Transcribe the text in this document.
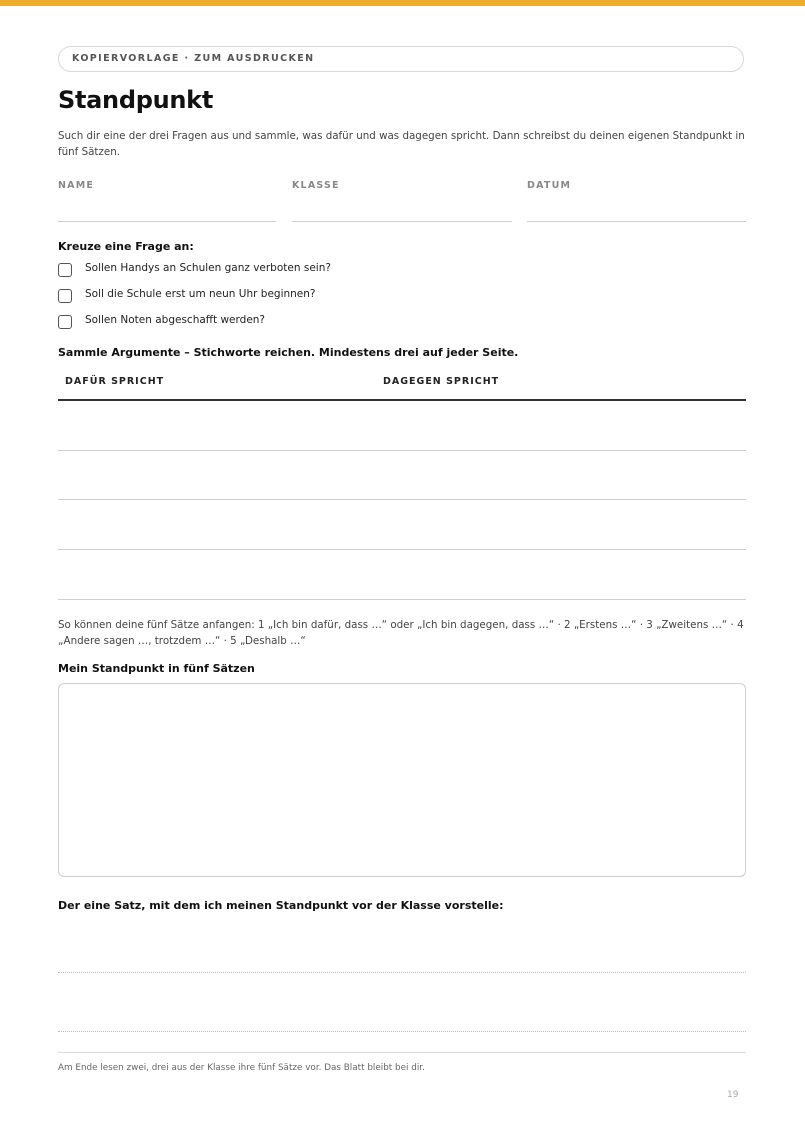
KOPIERVORLAGE · ZUM AUSDRUCKEN
Standpunkt
Such dir eine der drei Fragen aus und sammle, was dafür und was dagegen spricht. Dann schreibst du deinen eigenen Standpunkt in fünf Sätzen.
NAME	KLASSE	DATUM
Kreuze eine Frage an:
Sollen Handys an Schulen ganz verboten sein?
Soll die Schule erst um neun Uhr beginnen?
Sollen Noten abgeschafft werden?
Sammle Argumente – Stichworte reichen. Mindestens drei auf jeder Seite.
DAFÜR SPRICHT	DAGEGEN SPRICHT
So können deine fünf Sätze anfangen: 1 „Ich bin dafür, dass …“ oder „Ich bin dagegen, dass …“ · 2 „Erstens …“ · 3 „Zweitens …“ · 4 „Andere sagen …, trotzdem …“ · 5 „Deshalb …“
Mein Standpunkt in fünf Sätzen
Der eine Satz, mit dem ich meinen Standpunkt vor der Klasse vorstelle:
Am Ende lesen zwei, drei aus der Klasse ihre fünf Sätze vor. Das Blatt bleibt bei dir.
19
